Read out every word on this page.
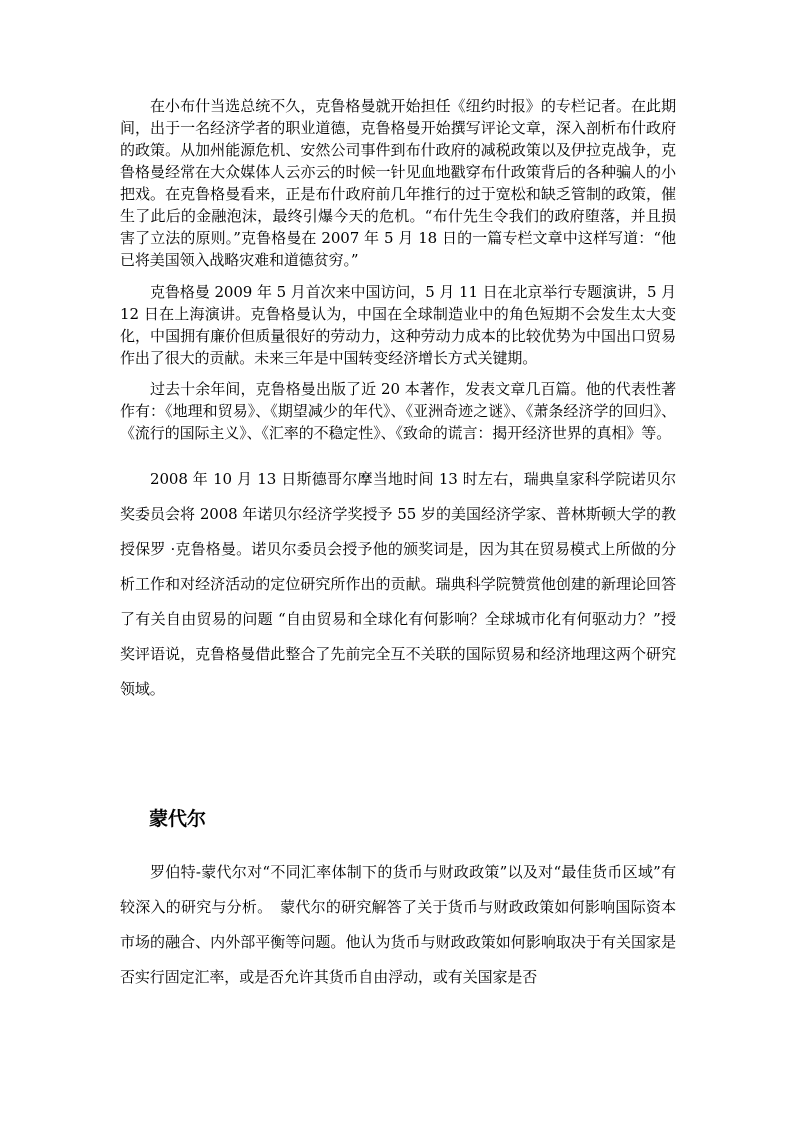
在小布什当选总统不久，克鲁格曼就开始担任《纽约时报》的专栏记者。在此期间，出于一名经济学者的职业道德，克鲁格曼开始撰写评论文章，深入剖析布什政府的政策。从加州能源危机、安然公司事件到布什政府的减税政策以及伊拉克战争，克鲁格曼经常在大众媒体人云亦云的时候一针见血地戳穿布什政策背后的各种骗人的小把戏。在克鲁格曼看来，正是布什政府前几年推行的过于宽松和缺乏管制的政策，催生了此后的金融泡沫，最终引爆今天的危机。“布什先生令我们的政府堕落，并且损害了立法的原则。”克鲁格曼在 2007 年 5 月 18 日的一篇专栏文章中这样写道：“他已将美国领入战略灾难和道德贫穷。”

克鲁格曼 2009 年 5 月首次来中国访问，5 月 11 日在北京举行专题演讲，5 月 12 日在上海演讲。克鲁格曼认为，中国在全球制造业中的角色短期不会发生太大变化，中国拥有廉价但质量很好的劳动力，这种劳动力成本的比较优势为中国出口贸易作出了很大的贡献。未来三年是中国转变经济增长方式关键期。

过去十余年间，克鲁格曼出版了近 20 本著作，发表文章几百篇。他的代表性著作有：《地理和贸易》、《期望减少的年代》、《亚洲奇迹之谜》、《萧条经济学的回归》、《流行的国际主义》、《汇率的不稳定性》、《致命的谎言：揭开经济世界的真相》等。

2008 年 10 月 13 日斯德哥尔摩当地时间 13 时左右，瑞典皇家科学院诺贝尔奖委员会将 2008 年诺贝尔经济学奖授予 55 岁的美国经济学家、普林斯顿大学的教授保罗 ·克鲁格曼。诺贝尔委员会授予他的颁奖词是，因为其在贸易模式上所做的分析工作和对经济活动的定位研究所作出的贡献。瑞典科学院赞赏他创建的新理论回答了有关自由贸易的问题 “自由贸易和全球化有何影响？全球城市化有何驱动力？”授奖评语说，克鲁格曼借此整合了先前完全互不关联的国际贸易和经济地理这两个研究领域。

蒙代尔

罗伯特-蒙代尔对“不同汇率体制下的货币与财政政策”以及对“最佳货币区域”有较深入的研究与分析。　蒙代尔的研究解答了关于货币与财政政策如何影响国际资本市场的融合、内外部平衡等问题。他认为货币与财政政策如何影响取决于有关国家是否实行固定汇率，或是否允许其货币自由浮动，或有关国家是否
